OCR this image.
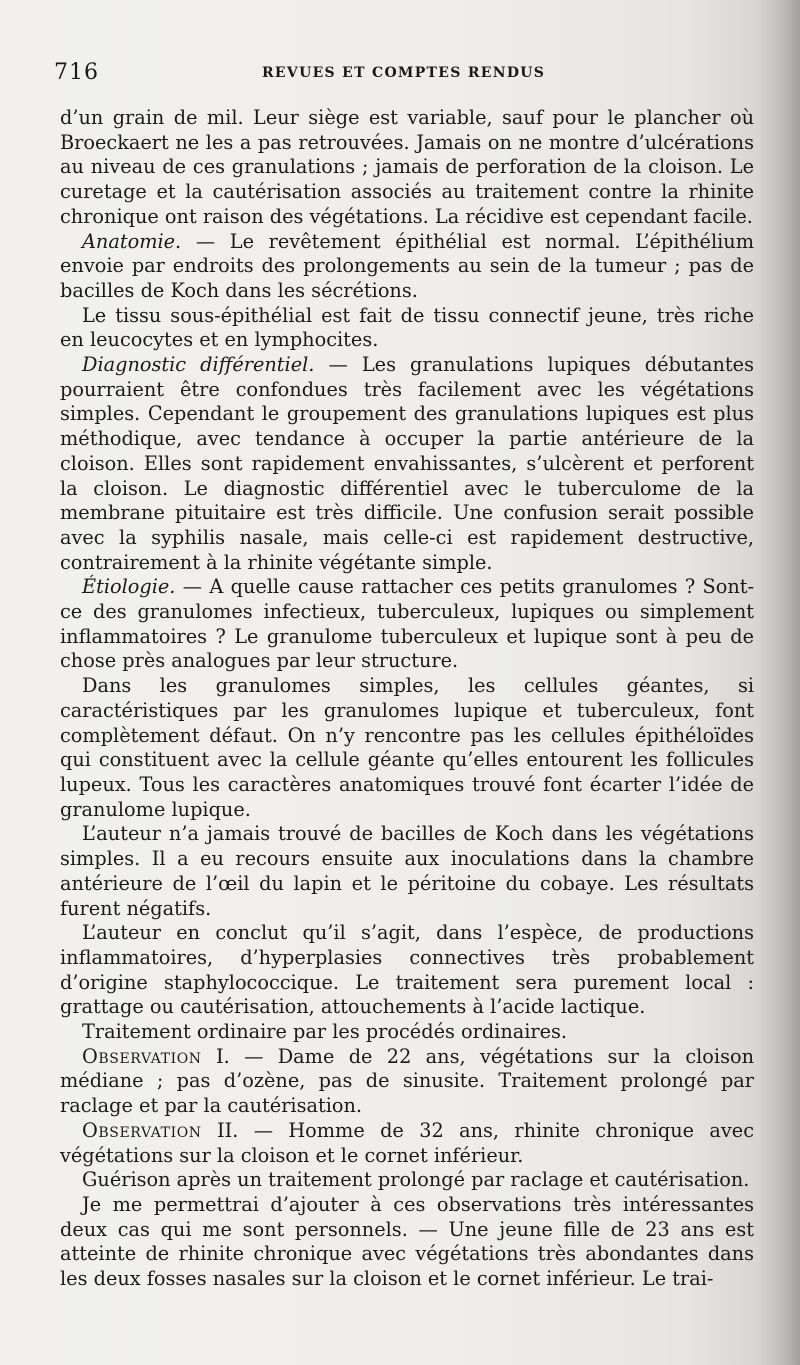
716	REVUES ET COMPTES RENDUS

d’un grain de mil. Leur siège est variable, sauf pour le plancher où Broeckaert ne les a pas retrouvées. Jamais on ne montre d’ulcérations au niveau de ces granulations ; jamais de perforation de la cloison. Le curetage et la cautérisation associés au traitement contre la rhinite chronique ont raison des végétations. La récidive est cependant facile.

Anatomie. — Le revêtement épithélial est normal. L’épithélium envoie par endroits des prolongements au sein de la tumeur ; pas de bacilles de Koch dans les sécrétions.

Le tissu sous-épithélial est fait de tissu connectif jeune, très riche en leucocytes et en lymphocites.

Diagnostic différentiel. — Les granulations lupiques débutantes pourraient être confondues très facilement avec les végétations simples. Cependant le groupement des granulations lupiques est plus méthodique, avec tendance à occuper la partie antérieure de la cloison. Elles sont rapidement envahissantes, s’ulcèrent et perforent la cloison. Le diagnostic différentiel avec le tuberculome de la membrane pituitaire est très difficile. Une confusion serait possible avec la syphilis nasale, mais celle-ci est rapidement destructive, contrairement à la rhinite végétante simple.

Étiologie. — A quelle cause rattacher ces petits granulomes ? Sont-ce des granulomes infectieux, tuberculeux, lupiques ou simplement inflammatoires ? Le granulome tuberculeux et lupique sont à peu de chose près analogues par leur structure.

Dans les granulomes simples, les cellules géantes, si caractéristiques par les granulomes lupique et tuberculeux, font complètement défaut. On n’y rencontre pas les cellules épithéloïdes qui constituent avec la cellule géante qu’elles entourent les follicules lupeux. Tous les caractères anatomiques trouvé font écarter l’idée de granulome lupique.

L’auteur n’a jamais trouvé de bacilles de Koch dans les végétations simples. Il a eu recours ensuite aux inoculations dans la chambre antérieure de l’œil du lapin et le péritoine du cobaye. Les résultats furent négatifs.

L’auteur en conclut qu’il s’agit, dans l’espèce, de productions inflammatoires, d’hyperplasies connectives très probablement d’origine staphylococcique. Le traitement sera purement local : grattage ou cautérisation, attouchements à l’acide lactique.

Traitement ordinaire par les procédés ordinaires.

Observation I. — Dame de 22 ans, végétations sur la cloison médiane ; pas d’ozène, pas de sinusite. Traitement prolongé par raclage et par la cautérisation.

Observation II. — Homme de 32 ans, rhinite chronique avec végétations sur la cloison et le cornet inférieur.

Guérison après un traitement prolongé par raclage et cautérisation.

Je me permettrai d’ajouter à ces observations très intéressantes deux cas qui me sont personnels. — Une jeune fille de 23 ans est atteinte de rhinite chronique avec végétations très abondantes dans les deux fosses nasales sur la cloison et le cornet inférieur. Le trai-
